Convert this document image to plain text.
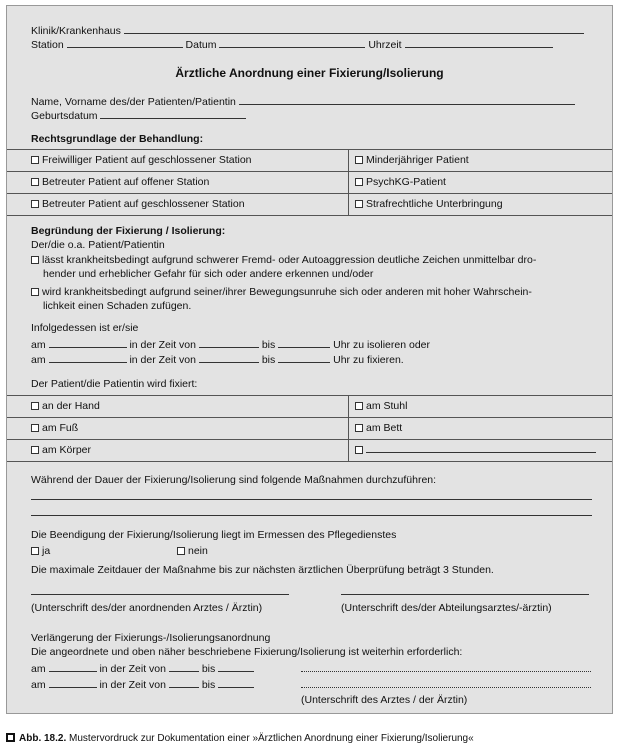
Klinik/Krankenhaus
Station	Datum	Uhrzeit
Ärztliche Anordnung einer Fixierung/Isolierung
Name, Vorname des/der Patienten/Patientin
Geburtsdatum
Rechtsgrundlage der Behandlung:
Freiwilliger Patient auf geschlossener Station	Minderjähriger Patient
Betreuter Patient auf offener Station	PsychKG-Patient
Betreuter Patient auf geschlossener Station	Strafrechtliche Unterbringung
Begründung der Fixierung / Isolierung:
Der/die o.a. Patient/Patientin
lässt krankheitsbedingt aufgrund schwerer Fremd- oder Autoaggression deutliche Zeichen unmittelbar dro-
hender und erheblicher Gefahr für sich oder andere erkennen und/oder
wird krankheitsbedingt aufgrund seiner/ihrer Bewegungsunruhe sich oder anderen mit hoher Wahrschein-
lichkeit einen Schaden zufügen.
Infolgedessen ist er/sie
am	in der Zeit von	bis	Uhr zu isolieren oder
am	in der Zeit von	bis	Uhr zu fixieren.
Der Patient/die Patientin wird fixiert:
an der Hand	am Stuhl
am Fuß	am Bett
am Körper
Während der Dauer der Fixierung/Isolierung sind folgende Maßnahmen durchzuführen:
Die Beendigung der Fixierung/Isolierung liegt im Ermessen des Pflegedienstes
ja	nein
Die maximale Zeitdauer der Maßnahme bis zur nächsten ärztlichen Überprüfung beträgt 3 Stunden.
(Unterschrift des/der anordnenden Arztes / Ärztin)	(Unterschrift des/der Abteilungsarztes/-ärztin)
Verlängerung der Fixierungs-/Isolierungsanordnung
Die angeordnete und oben näher beschriebene Fixierung/Isolierung ist weiterhin erforderlich:
am	in der Zeit von	bis
am	in der Zeit von	bis
(Unterschrift des Arztes / der Ärztin)
Abb. 18.2. Mustervordruck zur Dokumentation einer »Ärztlichen Anordnung einer Fixierung/Isolierung«
